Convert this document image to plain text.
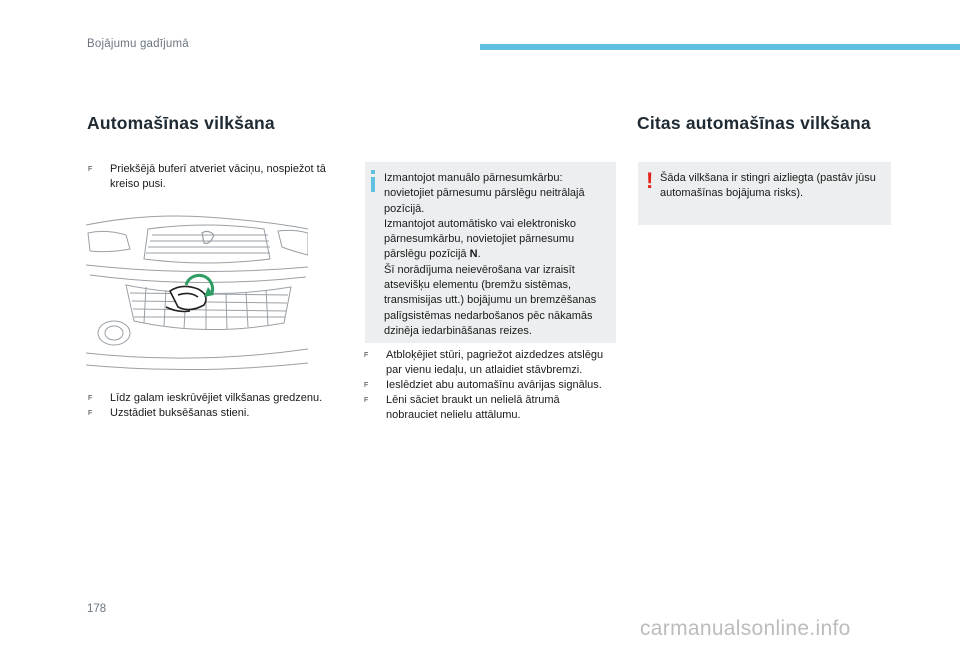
Bojājumu gadījumā
Automašīnas vilkšana	Citas automašīnas vilkšana
F	Priekšējā buferī atveriet vāciņu, nospiežot tā kreiso pusi.
F	Līdz galam ieskrūvējiet vilkšanas gredzenu.
F	Uzstādiet buksēšanas stieni.
Izmantojot manuālo pārnesumkārbu: novietojiet pārnesumu pārslēgu neitrālajā pozīcijā.
Izmantojot automātisko vai elektronisko pārnesumkārbu, novietojiet pārnesumu pārslēgu pozīcijā N.
Šī norādījuma neievērošana var izraisīt atsevišķu elementu (bremžu sistēmas, transmisijas utt.) bojājumu un bremzēšanas palīgsistēmas nedarbošanos pēc nākamās dzinēja iedarbināšanas reizes.
F	Atbloķējiet stūri, pagriežot aizdedzes atslēgu par vienu iedaļu, un atlaidiet stāvbremzi.
F	Ieslēdziet abu automašīnu avārijas signālus.
F	Lēni sāciet braukt un nelielā ātrumā nobrauciet nelielu attālumu.
! Šāda vilkšana ir stingri aizliegta (pastāv jūsu automašīnas bojājuma risks).
178
carmanualsonline.info
